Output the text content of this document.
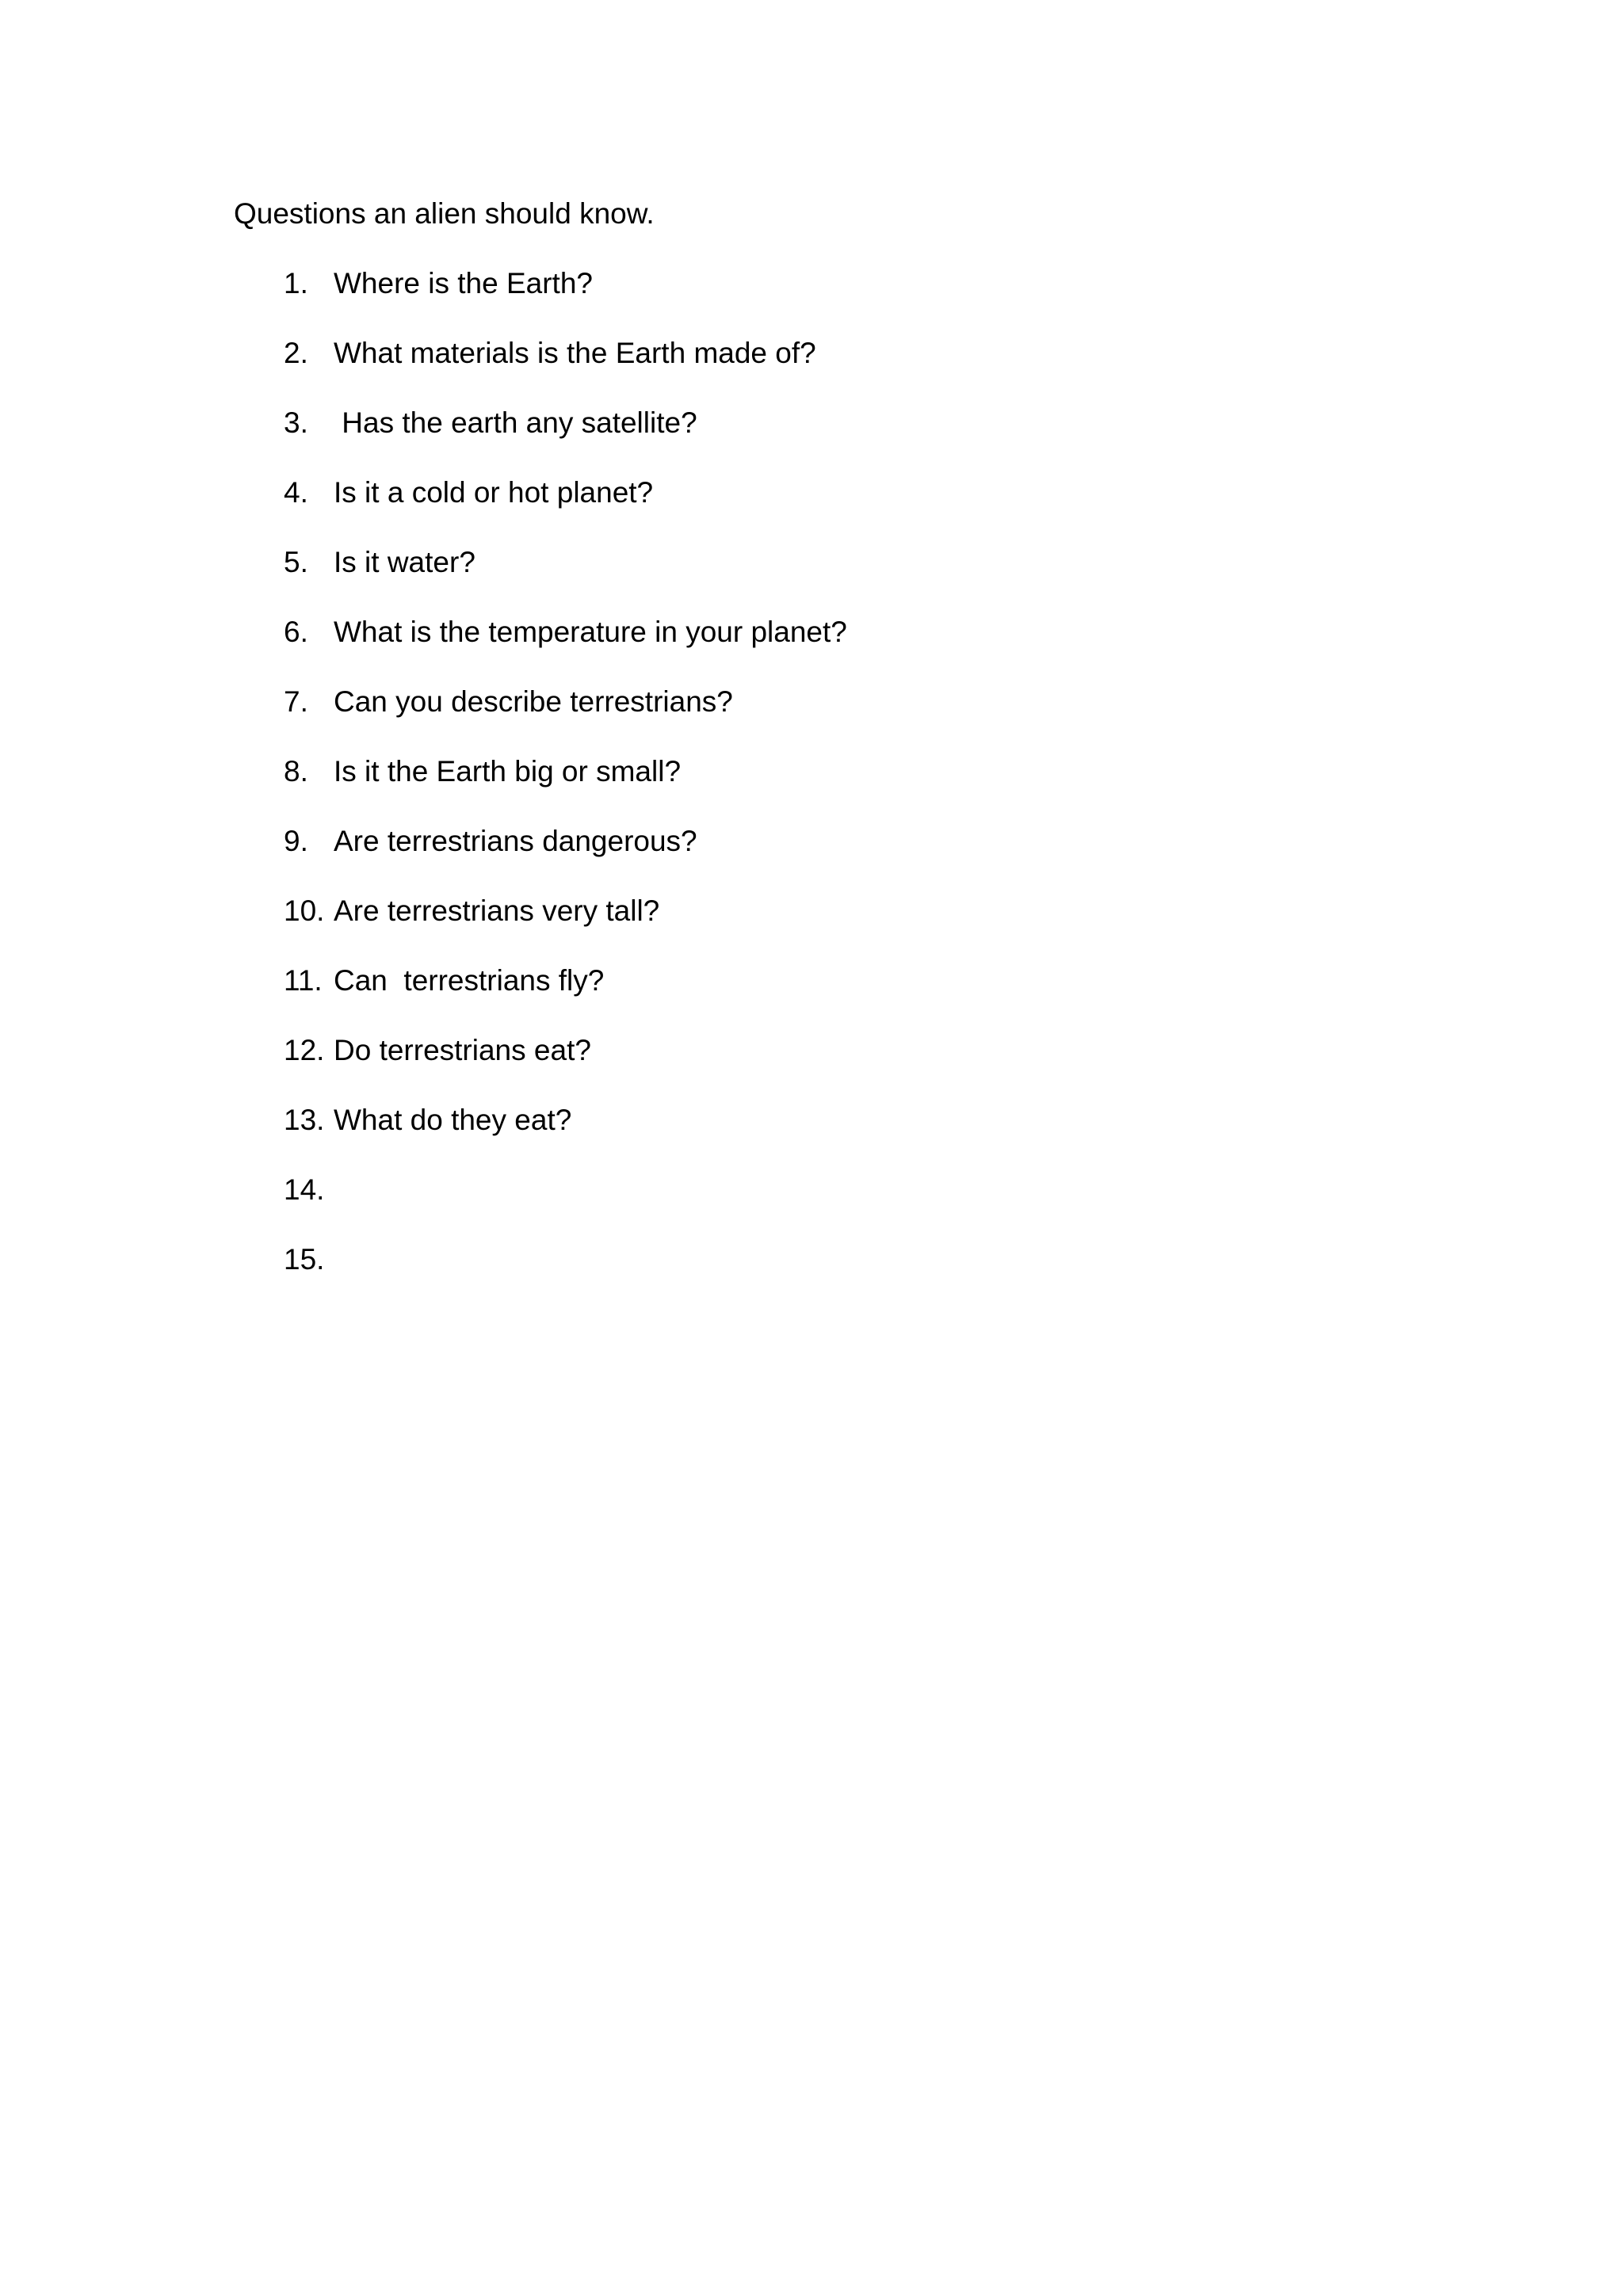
Questions an alien should know.
1. Where is the Earth?
2. What materials is the Earth made of?
3. Has the earth any satellite?
4. Is it a cold or hot planet?
5. Is it water?
6. What is the temperature in your planet?
7. Can you describe terrestrians?
8. Is it the Earth big or small?
9. Are terrestrians dangerous?
10. Are terrestrians very tall?
11. Can  terrestrians fly?
12. Do terrestrians eat?
13. What do they eat?
14.
15.
